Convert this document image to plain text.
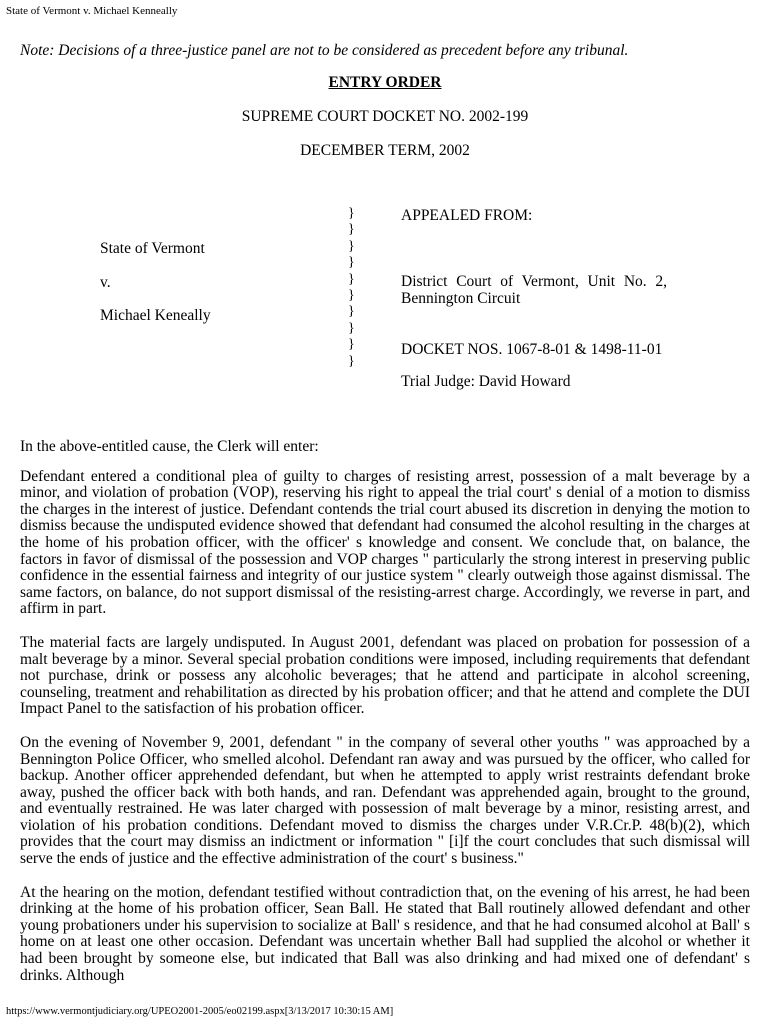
State of Vermont v. Michael Kenneally
Note: Decisions of a three-justice panel are not to be considered as precedent before any tribunal.
ENTRY ORDER
SUPREME COURT DOCKET NO. 2002-199
DECEMBER TERM, 2002
State of Vermont
v.
Michael Keneally
}
}
}
}
}
}
}
}
}
}
APPEALED FROM:
District Court of Vermont, Unit No. 2,
Bennington Circuit
DOCKET NOS. 1067-8-01 & 1498-11-01
Trial Judge: David Howard

In the above-entitled cause, the Clerk will enter:

Defendant entered a conditional plea of guilty to charges of resisting arrest, possession of a malt beverage by a minor, and violation of probation (VOP), reserving his right to appeal the trial court' s denial of a motion to dismiss the charges in the interest of justice. Defendant contends the trial court abused its discretion in denying the motion to dismiss because the undisputed evidence showed that defendant had consumed the alcohol resulting in the charges at the home of his probation officer, with the officer' s knowledge and consent. We conclude that, on balance, the factors in favor of dismissal of the possession and VOP charges " particularly the strong interest in preserving public confidence in the essential fairness and integrity of our justice system " clearly outweigh those against dismissal. The same factors, on balance, do not support dismissal of the resisting-arrest charge. Accordingly, we reverse in part, and affirm in part.

The material facts are largely undisputed. In August 2001, defendant was placed on probation for possession of a malt beverage by a minor. Several special probation conditions were imposed, including requirements that defendant not purchase, drink or possess any alcoholic beverages; that he attend and participate in alcohol screening, counseling, treatment and rehabilitation as directed by his probation officer; and that he attend and complete the DUI Impact Panel to the satisfaction of his probation officer.

On the evening of November 9, 2001, defendant " in the company of several other youths " was approached by a Bennington Police Officer, who smelled alcohol. Defendant ran away and was pursued by the officer, who called for backup. Another officer apprehended defendant, but when he attempted to apply wrist restraints defendant broke away, pushed the officer back with both hands, and ran. Defendant was apprehended again, brought to the ground, and eventually restrained. He was later charged with possession of malt beverage by a minor, resisting arrest, and violation of his probation conditions. Defendant moved to dismiss the charges under V.R.Cr.P. 48(b)(2), which provides that the court may dismiss an indictment or information " [i]f the court concludes that such dismissal will serve the ends of justice and the effective administration of the court' s business."

At the hearing on the motion, defendant testified without contradiction that, on the evening of his arrest, he had been drinking at the home of his probation officer, Sean Ball. He stated that Ball routinely allowed defendant and other young probationers under his supervision to socialize at Ball' s residence, and that he had consumed alcohol at Ball' s home on at least one other occasion. Defendant was uncertain whether Ball had supplied the alcohol or whether it had been brought by someone else, but indicated that Ball was also drinking and had mixed one of defendant' s drinks. Although

https://www.vermontjudiciary.org/UPEO2001-2005/eo02199.aspx[3/13/2017 10:30:15 AM]
